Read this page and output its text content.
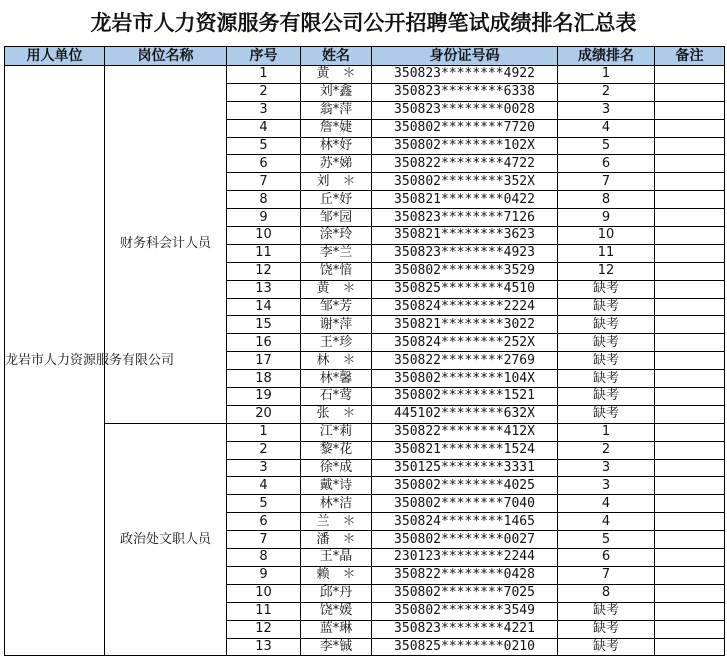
龙岩市人力资源服务有限公司公开招聘笔试成绩排名汇总表
用人单位	岗位名称	序号	姓名	身份证号码	成绩排名	备注
龙岩市人力资源服务有限公司	财务科会计人员	1	黄　＊	350823********4922	1	
		2	刘*鑫	350823********6338	2	
		3	翁*萍	350823********0028	3	
		4	詹*婕	350802********7720	4	
		5	林*妤	350802********102X	5	
		6	苏*娣	350822********4722	6	
		7	刘　＊	350802********352X	7	
		8	丘*妤	350821********0422	8	
		9	邹*园	350823********7126	9	
		10	涂*玲	350821********3623	10	
		11	李*兰	350823********4923	11	
		12	饶*愔	350802********3529	12	
		13	黄　＊	350825********4510	缺考	
		14	邹*芳	350824********2224	缺考	
		15	谢*萍	350821********3022	缺考	
		16	王*珍	350824********252X	缺考	
		17	林　＊	350822********2769	缺考	
		18	林*馨	350802********104X	缺考	
		19	石*莺	350802********1521	缺考	
		20	张　＊	445102********632X	缺考	
	政治处文职人员	1	江*莉	350822********412X	1	
		2	黎*花	350821********1524	2	
		3	徐*成	350125********3331	3	
		4	戴*诗	350802********4025	3	
		5	林*洁	350802********7040	4	
		6	兰　＊	350824********1465	4	
		7	潘　＊	350802********0027	5	
		8	王*晶	230123********2244	6	
		9	赖　＊	350822********0428	7	
		10	邱*丹	350802********7025	8	
		11	饶*媛	350802********3549	缺考	
		12	蓝*琳	350823********4221	缺考	
		13	李*铖	350825********0210	缺考	
